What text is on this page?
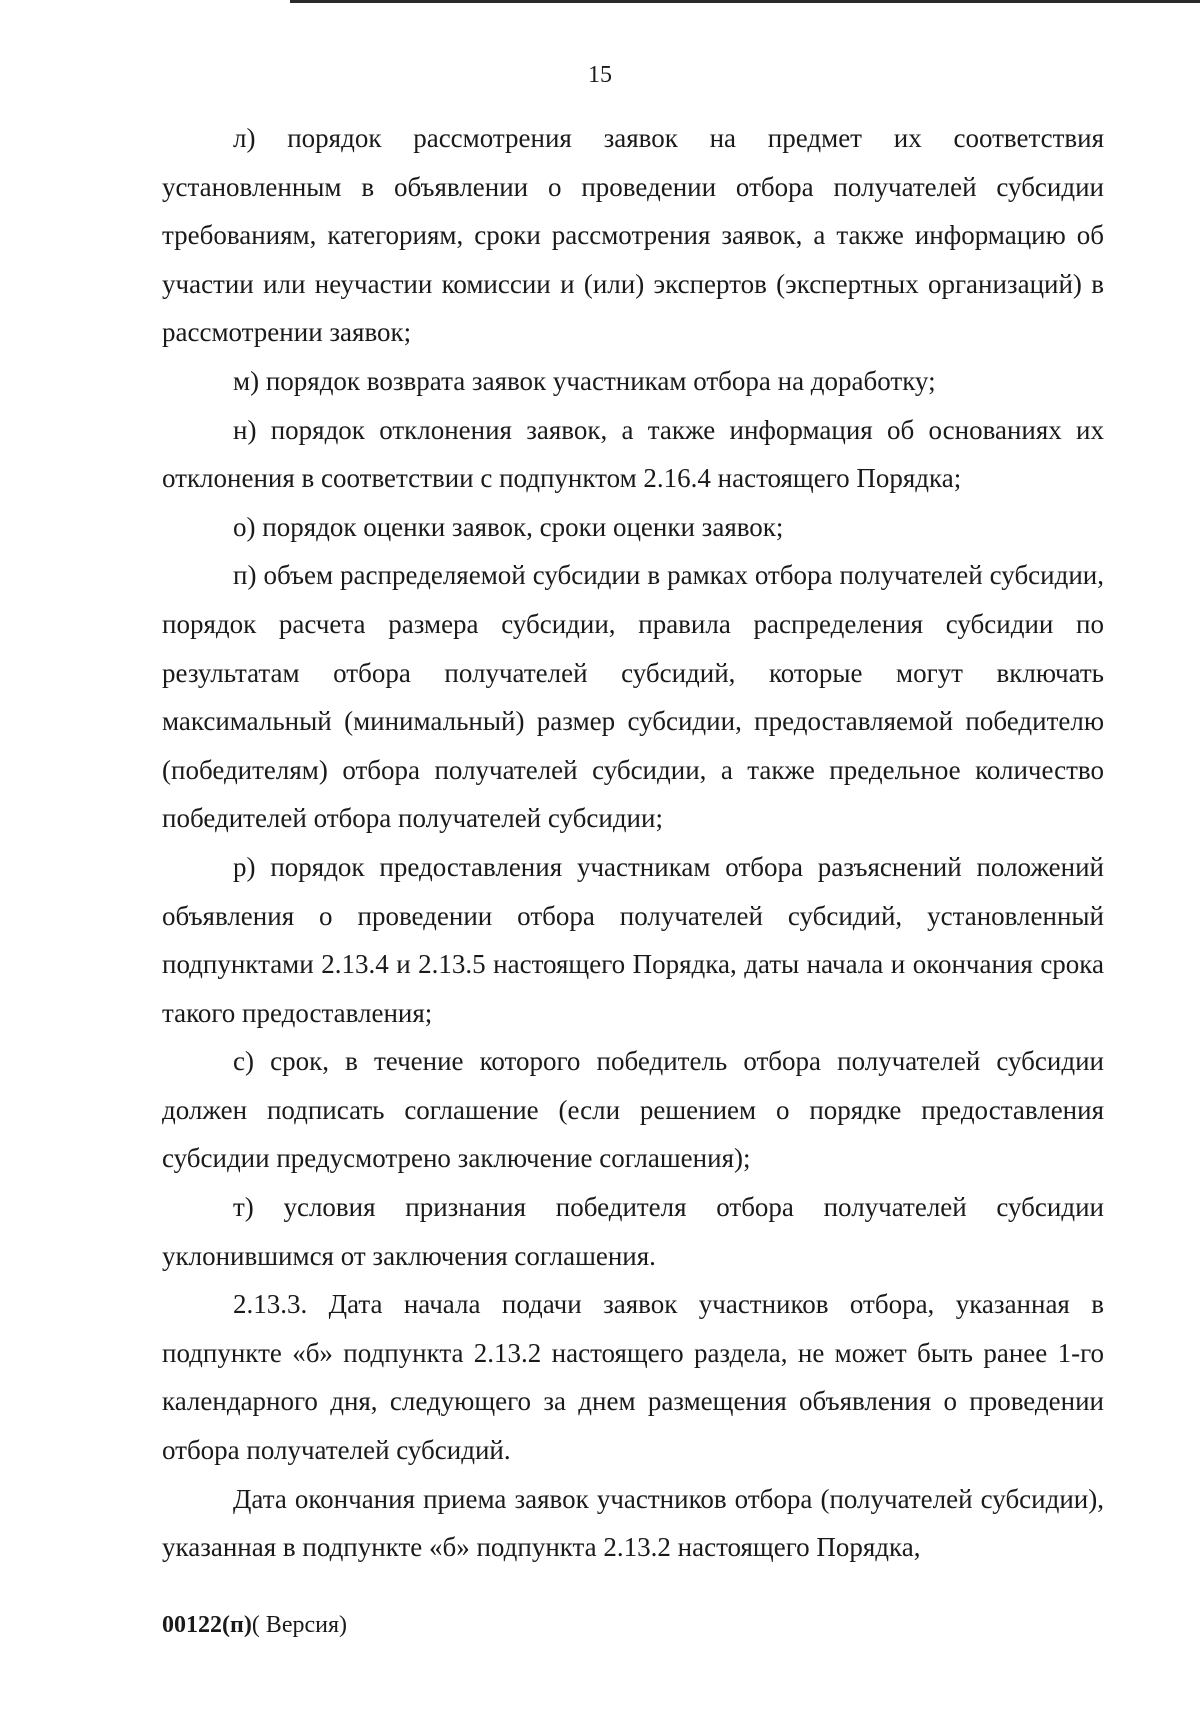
15

л) порядок рассмотрения заявок на предмет их соответствия установленным в объявлении о проведении отбора получателей субсидии требованиям, категориям, сроки рассмотрения заявок, а также информацию об участии или неучастии комиссии и (или) экспертов (экспертных организаций) в рассмотрении заявок;

м) порядок возврата заявок участникам отбора на доработку;

н) порядок отклонения заявок, а также информация об основаниях их отклонения в соответствии с подпунктом 2.16.4 настоящего Порядка;

о) порядок оценки заявок, сроки оценки заявок;

п) объем распределяемой субсидии в рамках отбора получателей субсидии, порядок расчета размера субсидии, правила распределения субсидии по результатам отбора получателей субсидий, которые могут включать максимальный (минимальный) размер субсидии, предоставляемой победителю (победителям) отбора получателей субсидии, а также предельное количество победителей отбора получателей субсидии;

р) порядок предоставления участникам отбора разъяснений положений объявления о проведении отбора получателей субсидий, установленный подпунктами 2.13.4 и 2.13.5 настоящего Порядка, даты начала и окончания срока такого предоставления;

с) срок, в течение которого победитель отбора получателей субсидии должен подписать соглашение (если решением о порядке предоставления субсидии предусмотрено заключение соглашения);

т) условия признания победителя отбора получателей субсидии уклонившимся от заключения соглашения.

2.13.3. Дата начала подачи заявок участников отбора, указанная в подпункте «б» подпункта 2.13.2 настоящего раздела, не может быть ранее 1-го календарного дня, следующего за днем размещения объявления о проведении отбора получателей субсидий.

Дата окончания приема заявок участников отбора (получателей субсидии), указанная в подпункте «б» подпункта 2.13.2 настоящего Порядка,

00122(п)( Версия)
